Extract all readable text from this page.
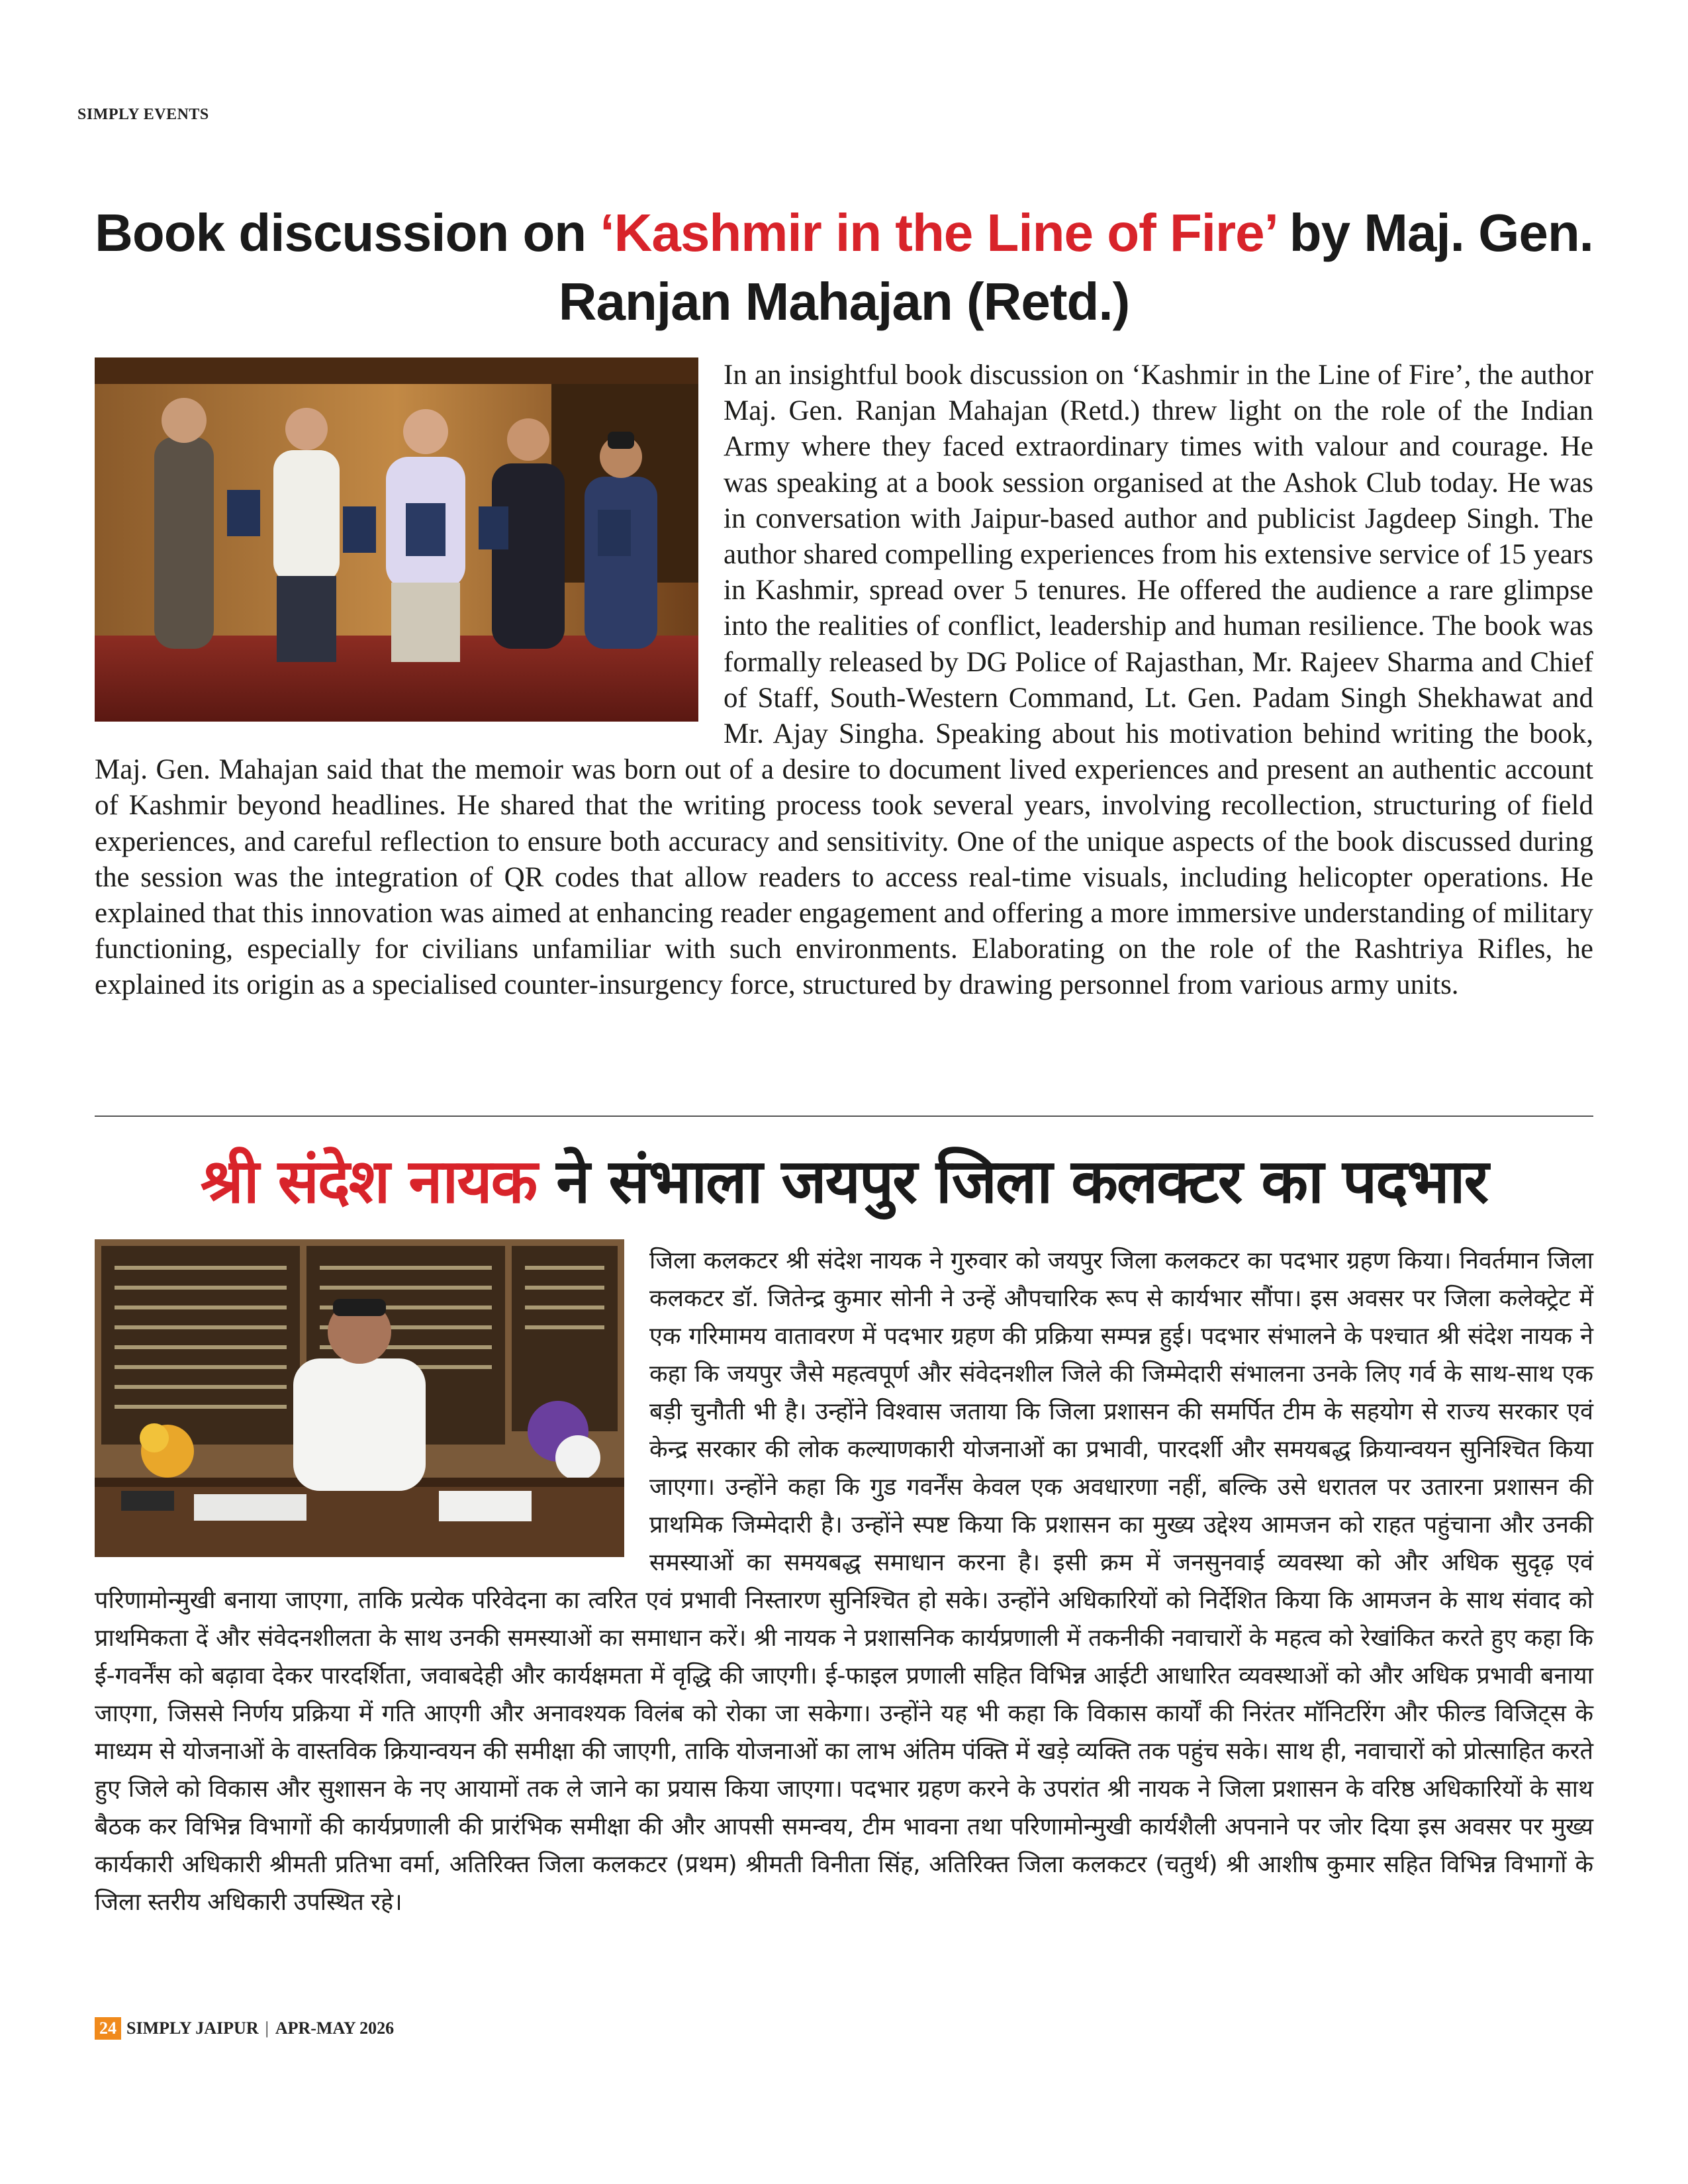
SIMPLY EVENTS
Book discussion on ‘Kashmir in the Line of Fire’ by Maj. Gen. Ranjan Mahajan (Retd.)
In an insightful book discussion on ‘Kashmir in the Line of Fire’, the author Maj. Gen. Ranjan Mahajan (Retd.) threw light on the role of the Indian Army where they faced extraordinary times with valour and courage. He was speaking at a book session organised at the Ashok Club today. He was in conversation with Jaipur-based author and publicist Jagdeep Singh. The author shared compelling experiences from his extensive service of 15 years in Kashmir, spread over 5 tenures. He offered the audience a rare glimpse into the realities of conflict, leadership and human resilience. The book was formally released by DG Police of Rajasthan, Mr. Rajeev Sharma and Chief of Staff, South-Western Command, Lt. Gen. Padam Singh Shekhawat and Mr. Ajay Singha. Speaking about his motivation behind writing the book, Maj. Gen. Mahajan said that the memoir was born out of a desire to document lived experiences and present an authentic account of Kashmir beyond headlines. He shared that the writing process took several years, involving recollection, structuring of field experiences, and careful reflection to ensure both accuracy and sensitivity. One of the unique aspects of the book discussed during the session was the integration of QR codes that allow readers to access real-time visuals, including helicopter operations. He explained that this innovation was aimed at enhancing reader engagement and offering a more immersive understanding of military functioning, especially for civilians unfamiliar with such environments. Elaborating on the role of the Rashtriya Rifles, he explained its origin as a specialised counter-insurgency force, structured by drawing personnel from various army units.
श्री संदेश नायक ने संभाला जयपुर जिला कलक्टर का पदभार
जिला कलकटर श्री संदेश नायक ने गुरुवार को जयपुर जिला कलकटर का पदभार ग्रहण किया। निवर्तमान जिला कलकटर डॉ. जितेन्द्र कुमार सोनी ने उन्हें औपचारिक रूप से कार्यभार सौंपा। इस अवसर पर जिला कलेक्ट्रेट में एक गरिमामय वातावरण में पदभार ग्रहण की प्रक्रिया सम्पन्न हुई। पदभार संभालने के पश्चात श्री संदेश नायक ने कहा कि जयपुर जैसे महत्वपूर्ण और संवेदनशील जिले की जिम्मेदारी संभालना उनके लिए गर्व के साथ-साथ एक बड़ी चुनौती भी है। उन्होंने विश्वास जताया कि जिला प्रशासन की समर्पित टीम के सहयोग से राज्य सरकार एवं केन्द्र सरकार की लोक कल्याणकारी योजनाओं का प्रभावी, पारदर्शी और समयबद्ध क्रियान्वयन सुनिश्चित किया जाएगा। उन्होंने कहा कि गुड गवर्नेंस केवल एक अवधारणा नहीं, बल्कि उसे धरातल पर उतारना प्रशासन की प्राथमिक जिम्मेदारी है। उन्होंने स्पष्ट किया कि प्रशासन का मुख्य उद्देश्य आमजन को राहत पहुंचाना और उनकी समस्याओं का समयबद्ध समाधान करना है। इसी क्रम में जनसुनवाई व्यवस्था को और अधिक सुदृढ़ एवं परिणामोन्मुखी बनाया जाएगा, ताकि प्रत्येक परिवेदना का त्वरित एवं प्रभावी निस्तारण सुनिश्चित हो सके। उन्होंने अधिकारियों को निर्देशित किया कि आमजन के साथ संवाद को प्राथमिकता दें और संवेदनशीलता के साथ उनकी समस्याओं का समाधान करें। श्री नायक ने प्रशासनिक कार्यप्रणाली में तकनीकी नवाचारों के महत्व को रेखांकित करते हुए कहा कि ई-गवर्नेंस को बढ़ावा देकर पारदर्शिता, जवाबदेही और कार्यक्षमता में वृद्धि की जाएगी। ई-फाइल प्रणाली सहित विभिन्न आईटी आधारित व्यवस्थाओं को और अधिक प्रभावी बनाया जाएगा, जिससे निर्णय प्रक्रिया में गति आएगी और अनावश्यक विलंब को रोका जा सकेगा। उन्होंने यह भी कहा कि विकास कार्यों की निरंतर मॉनिटरिंग और फील्ड विजिट्स के माध्यम से योजनाओं के वास्तविक क्रियान्वयन की समीक्षा की जाएगी, ताकि योजनाओं का लाभ अंतिम पंक्ति में खड़े व्यक्ति तक पहुंच सके। साथ ही, नवाचारों को प्रोत्साहित करते हुए जिले को विकास और सुशासन के नए आयामों तक ले जाने का प्रयास किया जाएगा। पदभार ग्रहण करने के उपरांत श्री नायक ने जिला प्रशासन के वरिष्ठ अधिकारियों के साथ बैठक कर विभिन्न विभागों की कार्यप्रणाली की प्रारंभिक समीक्षा की और आपसी समन्वय, टीम भावना तथा परिणामोन्मुखी कार्यशैली अपनाने पर जोर दिया इस अवसर पर मुख्य कार्यकारी अधिकारी श्रीमती प्रतिभा वर्मा, अतिरिक्त जिला कलकटर (प्रथम) श्रीमती विनीता सिंह, अतिरिक्त जिला कलकटर (चतुर्थ) श्री आशीष कुमार सहित विभिन्न विभागों के जिला स्तरीय अधिकारी उपस्थित रहे।
24 SIMPLY JAIPUR | APR-MAY 2026
